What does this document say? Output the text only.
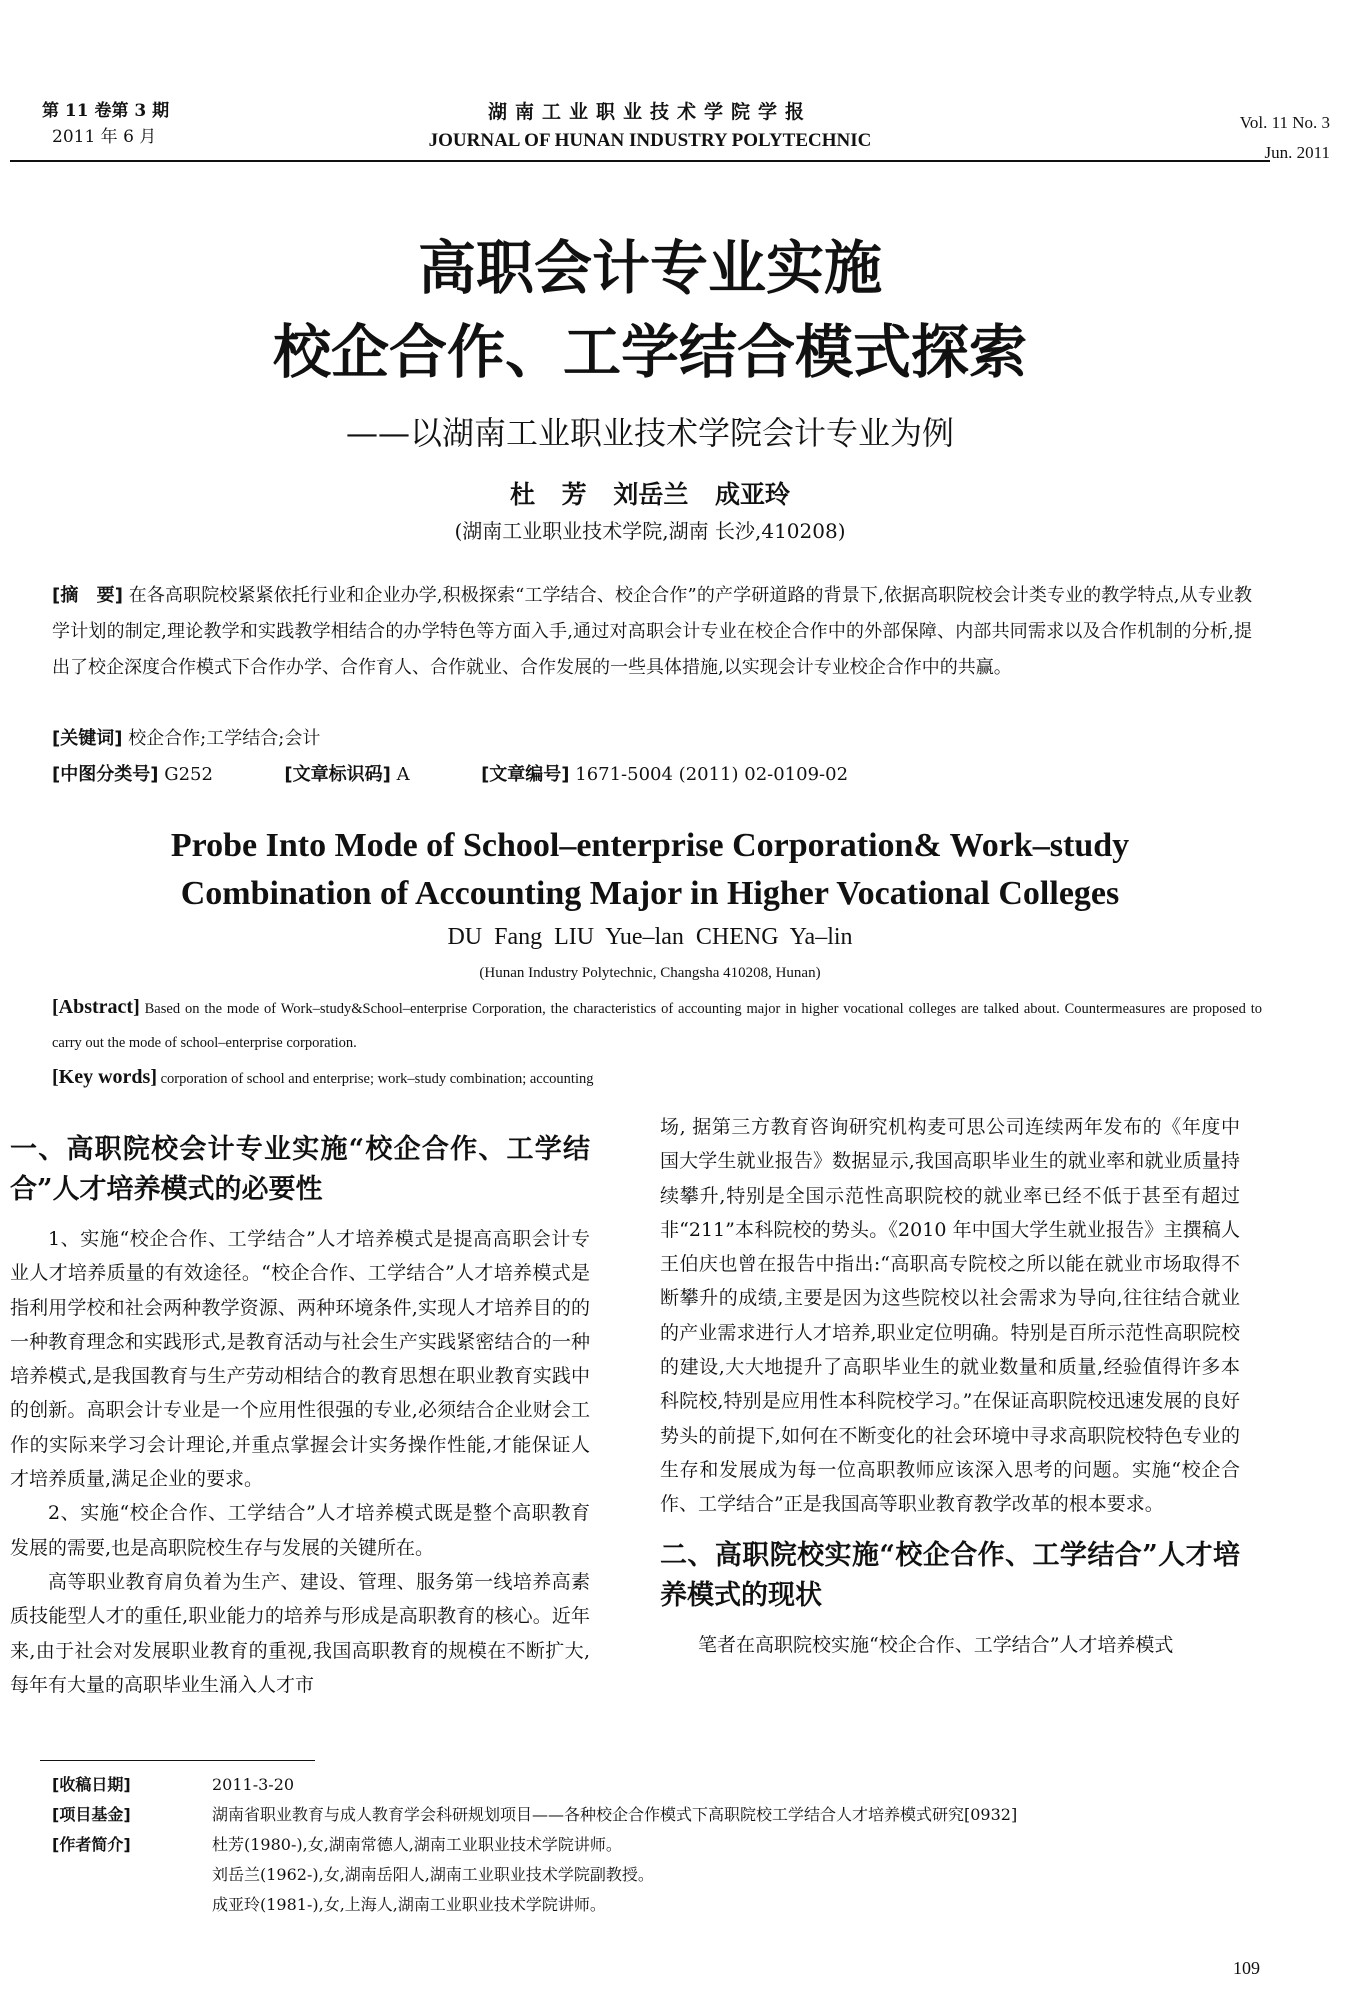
第 11 卷第 3 期
2011 年 6 月
湖南工业职业技术学院学报
JOURNAL OF HUNAN INDUSTRY POLYTECHNIC
Vol. 11 No. 3
Jun. 2011
高职会计专业实施
校企合作、工学结合模式探索
——以湖南工业职业技术学院会计专业为例
杜 芳 刘岳兰 成亚玲
(湖南工业职业技术学院,湖南 长沙,410208)
[摘　要] 在各高职院校紧紧依托行业和企业办学,积极探索“工学结合、校企合作”的产学研道路的背景下,依据高职院校会计类专业的教学特点,从专业教学计划的制定,理论教学和实践教学相结合的办学特色等方面入手,通过对高职会计专业在校企合作中的外部保障、内部共同需求以及合作机制的分析,提出了校企深度合作模式下合作办学、合作育人、合作就业、合作发展的一些具体措施,以实现会计专业校企合作中的共赢。
[关键词] 校企合作;工学结合;会计
[中图分类号] G252	[文章标识码] A	[文章编号] 1671-5004 (2011) 02-0109-02
Probe Into Mode of School–enterprise Corporation& Work–study
Combination of Accounting Major in Higher Vocational Colleges
DU Fang LIU Yue–lan CHENG Ya–lin
(Hunan Industry Polytechnic, Changsha 410208, Hunan)
[Abstract] Based on the mode of Work–study&School–enterprise Corporation, the characteristics of accounting major in higher vocational colleges are talked about. Countermeasures are proposed to carry out the mode of school–enterprise corporation.
[Key words] corporation of school and enterprise; work–study combination; accounting
一、高职院校会计专业实施“校企合作、工学结合”人才培养模式的必要性

1、实施“校企合作、工学结合”人才培养模式是提高高职会计专业人才培养质量的有效途径。“校企合作、工学结合”人才培养模式是指利用学校和社会两种教学资源、两种环境条件,实现人才培养目的的一种教育理念和实践形式,是教育活动与社会生产实践紧密结合的一种培养模式,是我国教育与生产劳动相结合的教育思想在职业教育实践中的创新。高职会计专业是一个应用性很强的专业,必须结合企业财会工作的实际来学习会计理论,并重点掌握会计实务操作性能,才能保证人才培养质量,满足企业的要求。

2、实施“校企合作、工学结合”人才培养模式既是整个高职教育发展的需要,也是高职院校生存与发展的关键所在。

高等职业教育肩负着为生产、建设、管理、服务第一线培养高素质技能型人才的重任,职业能力的培养与形成是高职教育的核心。近年来,由于社会对发展职业教育的重视,我国高职教育的规模在不断扩大, 每年有大量的高职毕业生涌入人才市

场, 据第三方教育咨询研究机构麦可思公司连续两年发布的《年度中国大学生就业报告》数据显示,我国高职毕业生的就业率和就业质量持续攀升,特别是全国示范性高职院校的就业率已经不低于甚至有超过非“211”本科院校的势头。《2010 年中国大学生就业报告》主撰稿人王伯庆也曾在报告中指出:“高职高专院校之所以能在就业市场取得不断攀升的成绩,主要是因为这些院校以社会需求为导向,往往结合就业的产业需求进行人才培养,职业定位明确。特别是百所示范性高职院校的建设,大大地提升了高职毕业生的就业数量和质量,经验值得许多本科院校,特别是应用性本科院校学习。”在保证高职院校迅速发展的良好势头的前提下,如何在不断变化的社会环境中寻求高职院校特色专业的生存和发展成为每一位高职教师应该深入思考的问题。实施“校企合作、工学结合”正是我国高等职业教育教学改革的根本要求。

二、高职院校实施“校企合作、工学结合”人才培养模式的现状

笔者在高职院校实施“校企合作、工学结合”人才培养模式

[收稿日期]	2011-3-20
[项目基金]	湖南省职业教育与成人教育学会科研规划项目——各种校企合作模式下高职院校工学结合人才培养模式研究[0932]
[作者简介]	杜芳(1980-),女,湖南常德人,湖南工业职业技术学院讲师。
刘岳兰(1962-),女,湖南岳阳人,湖南工业职业技术学院副教授。
成亚玲(1981-),女,上海人,湖南工业职业技术学院讲师。
109
